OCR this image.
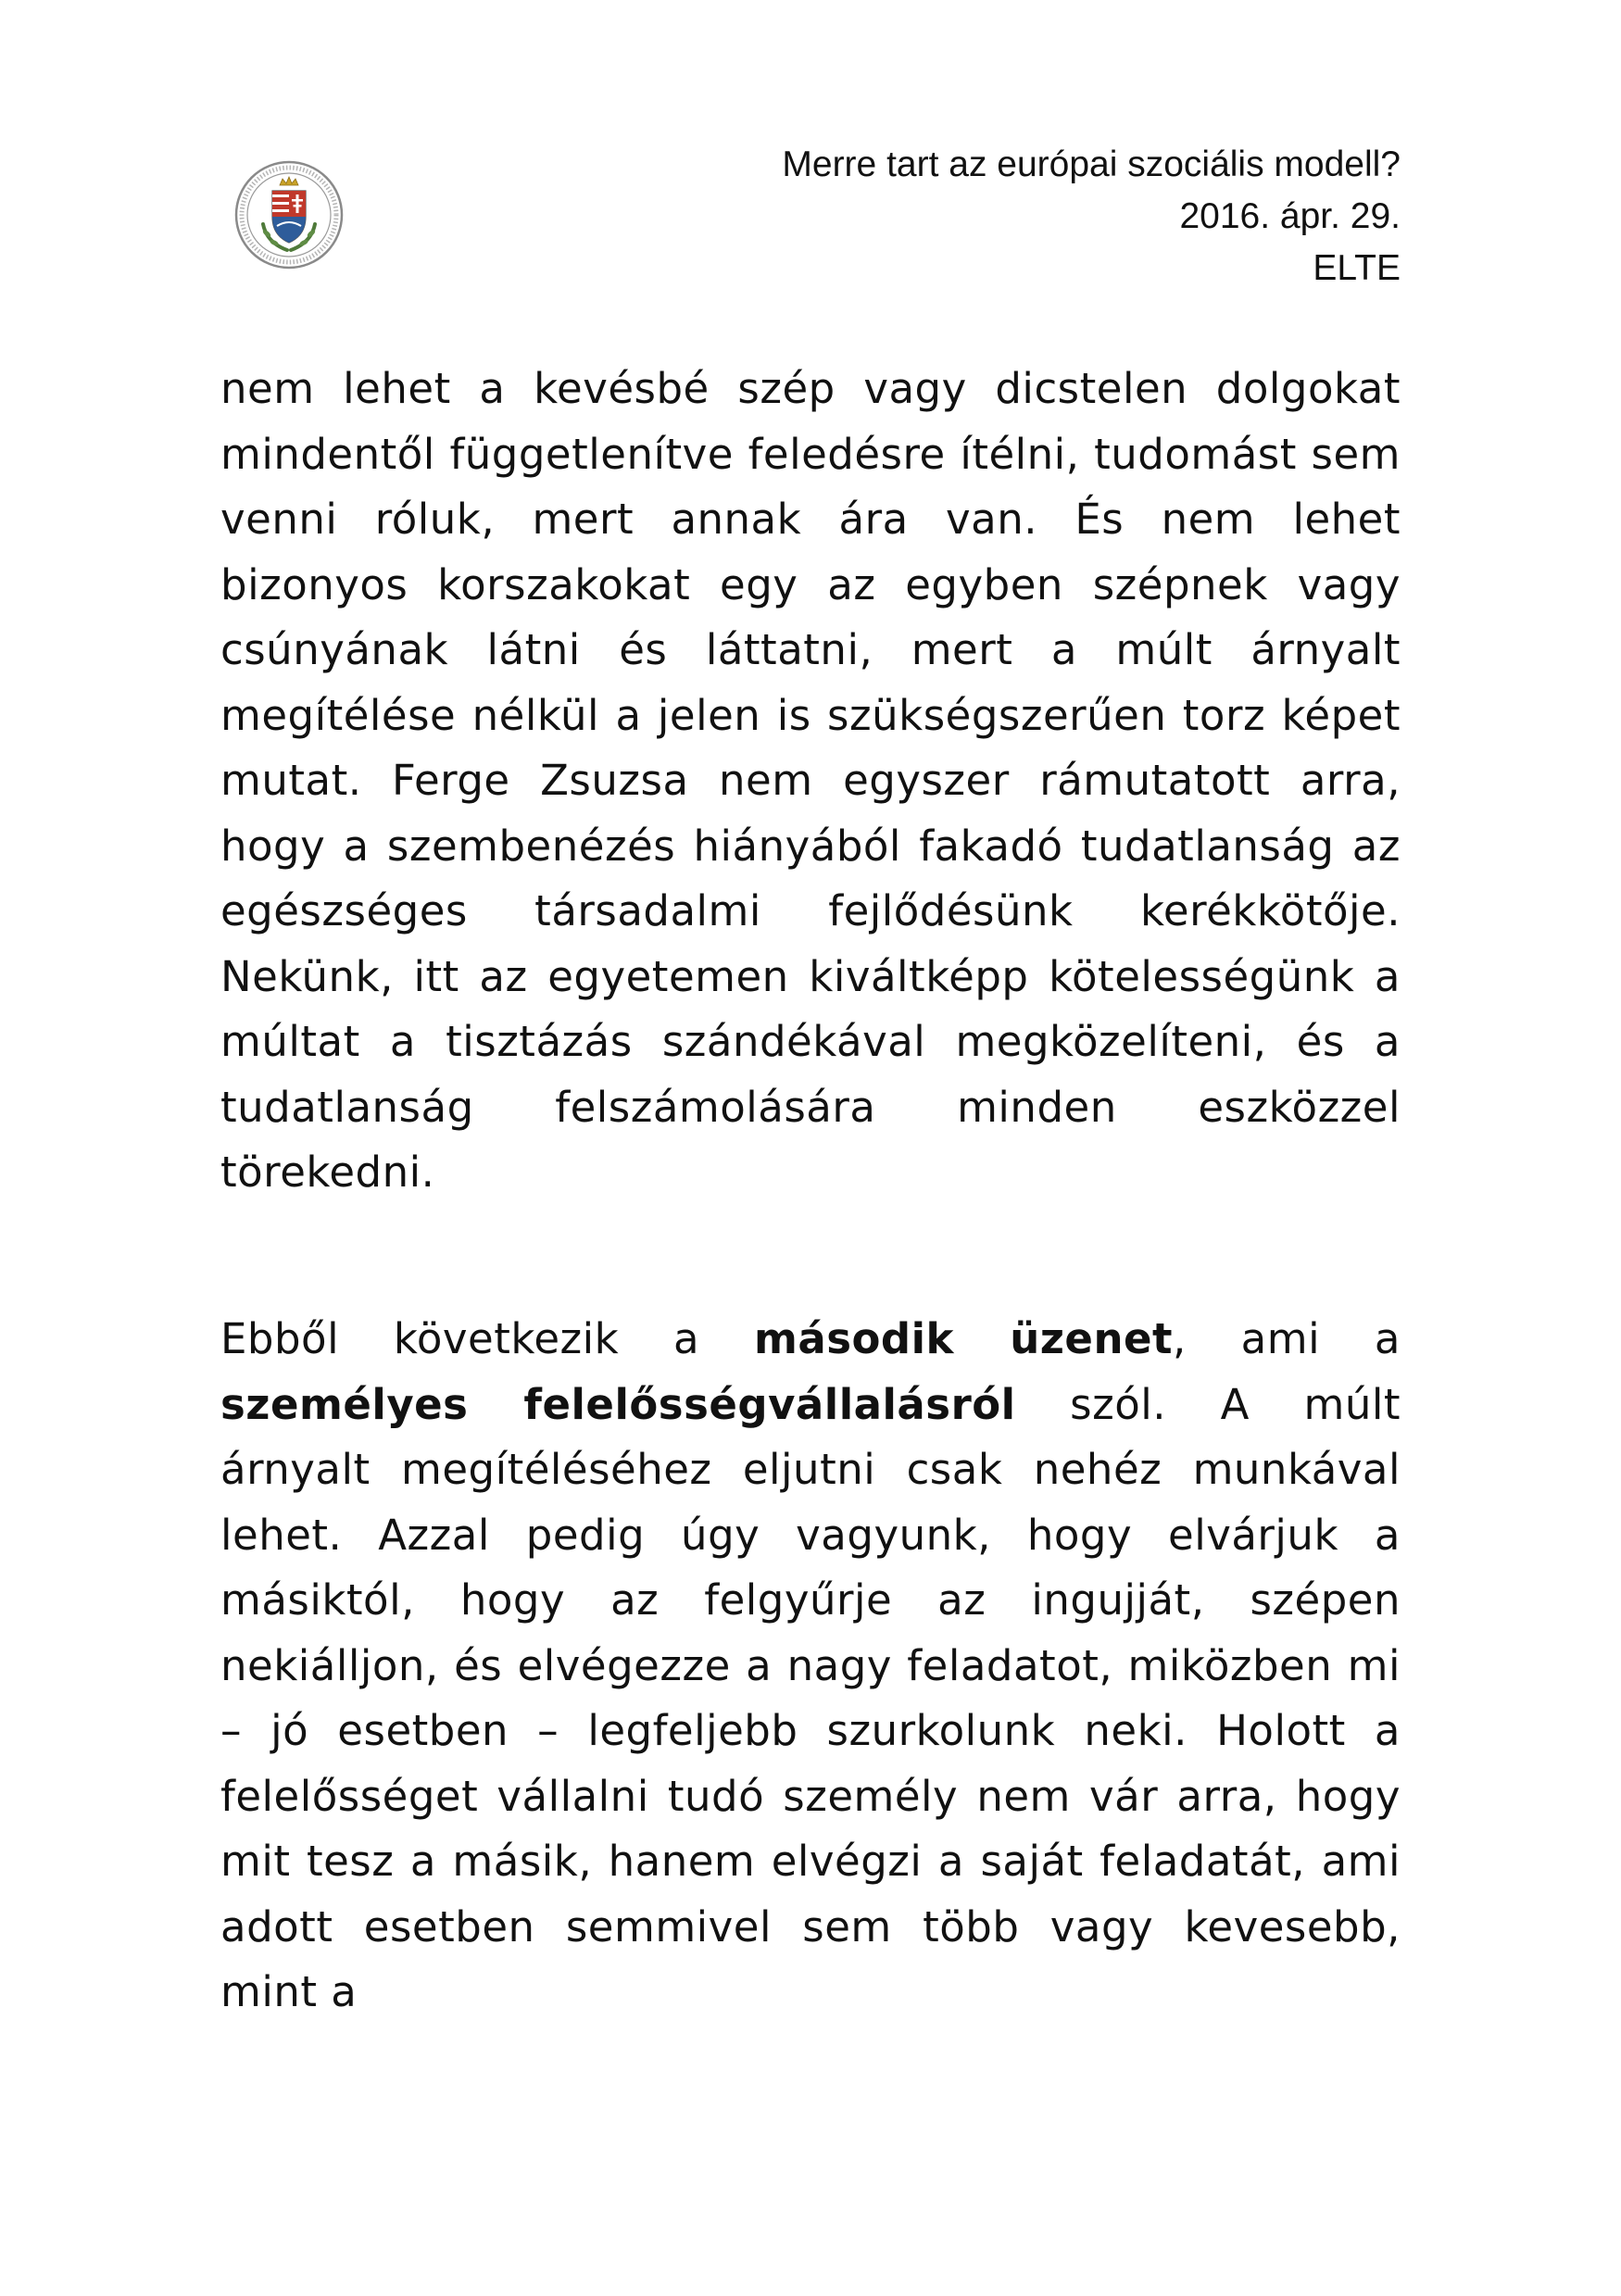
Merre tart az európai szociális modell?
2016. ápr. 29.
ELTE

nem lehet a kevésbé szép vagy dicstelen dolgokat mindentől függetlenítve feledésre ítélni, tudomást sem venni róluk, mert annak ára van. És nem lehet bizonyos korszakokat egy az egyben szépnek vagy csúnyának látni és láttatni, mert a múlt árnyalt megítélése nélkül a jelen is szükségszerűen torz képet mutat. Ferge Zsuzsa nem egyszer rámutatott arra, hogy a szembenézés hiányából fakadó tudatlanság az egészséges társadalmi fejlődésünk kerékkötője. Nekünk, itt az egyetemen kiváltképp kötelességünk a múltat a tisztázás szándékával megközelíteni, és a tudatlanság felszámolására minden eszközzel törekedni.

Ebből következik a második üzenet, ami a személyes felelősségvállalásról szól. A múlt árnyalt megítéléséhez eljutni csak nehéz munkával lehet. Azzal pedig úgy vagyunk, hogy elvárjuk a másiktól, hogy az felgyűrje az ingujját, szépen nekiálljon, és elvégezze a nagy feladatot, miközben mi – jó esetben – legfeljebb szurkolunk neki. Holott a felelősséget vállalni tudó személy nem vár arra, hogy mit tesz a másik, hanem elvégzi a saját feladatát, ami adott esetben semmivel sem több vagy kevesebb, mint a
